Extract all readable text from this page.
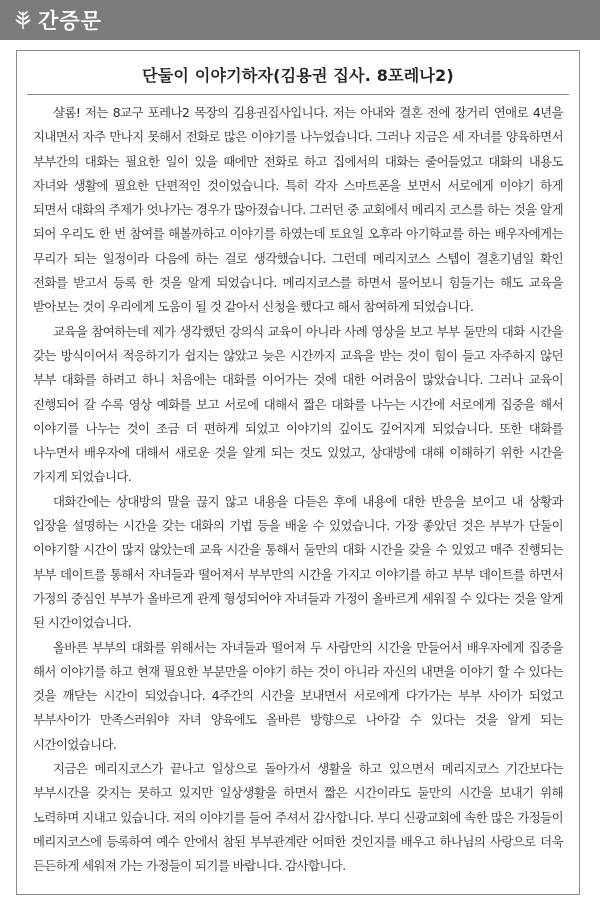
간증문
단둘이 이야기하자(김용권 집사. 8포레나2)

샬롬! 저는 8교구 포레나2 목장의 김용권집사입니다. 저는 아내와 결혼 전에 장거리 연애로 4년을 지내면서 자주 만나지 못해서 전화로 많은 이야기를 나누었습니다. 그러나 지금은 세 자녀를 양육하면서 부부간의 대화는 필요한 일이 있을 때에만 전화로 하고 집에서의 대화는 줄어들었고 대화의 내용도 자녀와 생활에 필요한 단편적인 것이었습니다. 특히 각자 스마트폰을 보면서 서로에게 이야기 하게 되면서 대화의 주제가 엇나가는 경우가 많아졌습니다. 그러던 중 교회에서 메리지 코스를 하는 것을 알게 되어 우리도 한 번 참여를 해볼까하고 이야기를 하였는데 토요일 오후라 아기학교를 하는 배우자에게는 무리가 되는 일정이라 다음에 하는 걸로 생각했습니다. 그런데 메리지코스 스텝이 결혼기념일 확인 전화를 받고서 등록 한 것을 알게 되었습니다. 메리지코스를 하면서 물어보니 힘들기는 해도 교육을 받아보는 것이 우리에게 도움이 될 것 같아서 신청을 했다고 해서 참여하게 되었습니다.

교육을 참여하는데 제가 생각했던 강의식 교육이 아니라 사례 영상을 보고 부부 둘만의 대화 시간을 갖는 방식이어서 적응하기가 쉽지는 않았고 늦은 시간까지 교육을 받는 것이 힘이 들고 자주하지 않던 부부 대화를 하려고 하니 처음에는 대화를 이어가는 것에 대한 어려움이 많았습니다. 그러나 교육이 진행되어 갈 수록 영상 예화를 보고 서로에 대해서 짧은 대화를 나누는 시간에 서로에게 집중을 해서 이야기를 나누는 것이 조금 더 편하게 되었고 이야기의 깊이도 깊어지게 되었습니다. 또한 대화를 나누면서 배우자에 대해서 새로운 것을 알게 되는 것도 있었고, 상대방에 대해 이해하기 위한 시간을 가지게 되었습니다.

대화간에는 상대방의 말을 끊지 않고 내용을 다듣은 후에 내용에 대한 반응을 보이고 내 상황과 입장을 설명하는 시간을 갖는 대화의 기법 등을 배울 수 있었습니다. 가장 좋았던 것은 부부가 단둘이 이야기할 시간이 많지 않았는데 교육 시간을 통해서 둘만의 대화 시간을 갖을 수 있었고 매주 진행되는 부부 데이트를 통해서 자녀들과 떨어져서 부부만의 시간을 가지고 이야기를 하고 부부 데이트를 하면서 가정의 중심인 부부가 올바르게 관계 형성되어야 자녀들과 가정이 올바르게 세워질 수 있다는 것을 알게 된 시간이었습니다.

올바른 부부의 대화를 위해서는 자녀들과 떨어져 두 사람만의 시간을 만들어서 배우자에게 집중을 해서 이야기를 하고 현재 필요한 부분만을 이야기 하는 것이 아니라 자신의 내면을 이야기 할 수 있다는 것을 깨닫는 시간이 되었습니다. 4주간의 시간을 보내면서 서로에게 다가가는 부부 사이가 되었고 부부사이가 만족스러워야 자녀 양육에도 올바른 방향으로 나아갈 수 있다는 것을 알게 되는 시간이었습니다.

지금은 메리지코스가 끝나고 일상으로 돌아가서 생활을 하고 있으면서 메리지코스 기간보다는 부부시간을 갖지는 못하고 있지만 일상생활을 하면서 짧은 시간이라도 둘만의 시간을 보내기 위해 노력하며 지내고 있습니다. 저의 이야기를 들어 주셔서 감사합니다. 부디 신광교회에 속한 많은 가정들이 메리지코스에 등록하여 예수 안에서 참된 부부관계란 어떠한 것인지를 배우고 하나님의 사랑으로 더욱 든든하게 세워져 가는 가정들이 되기를 바랍니다. 감사합니다.
